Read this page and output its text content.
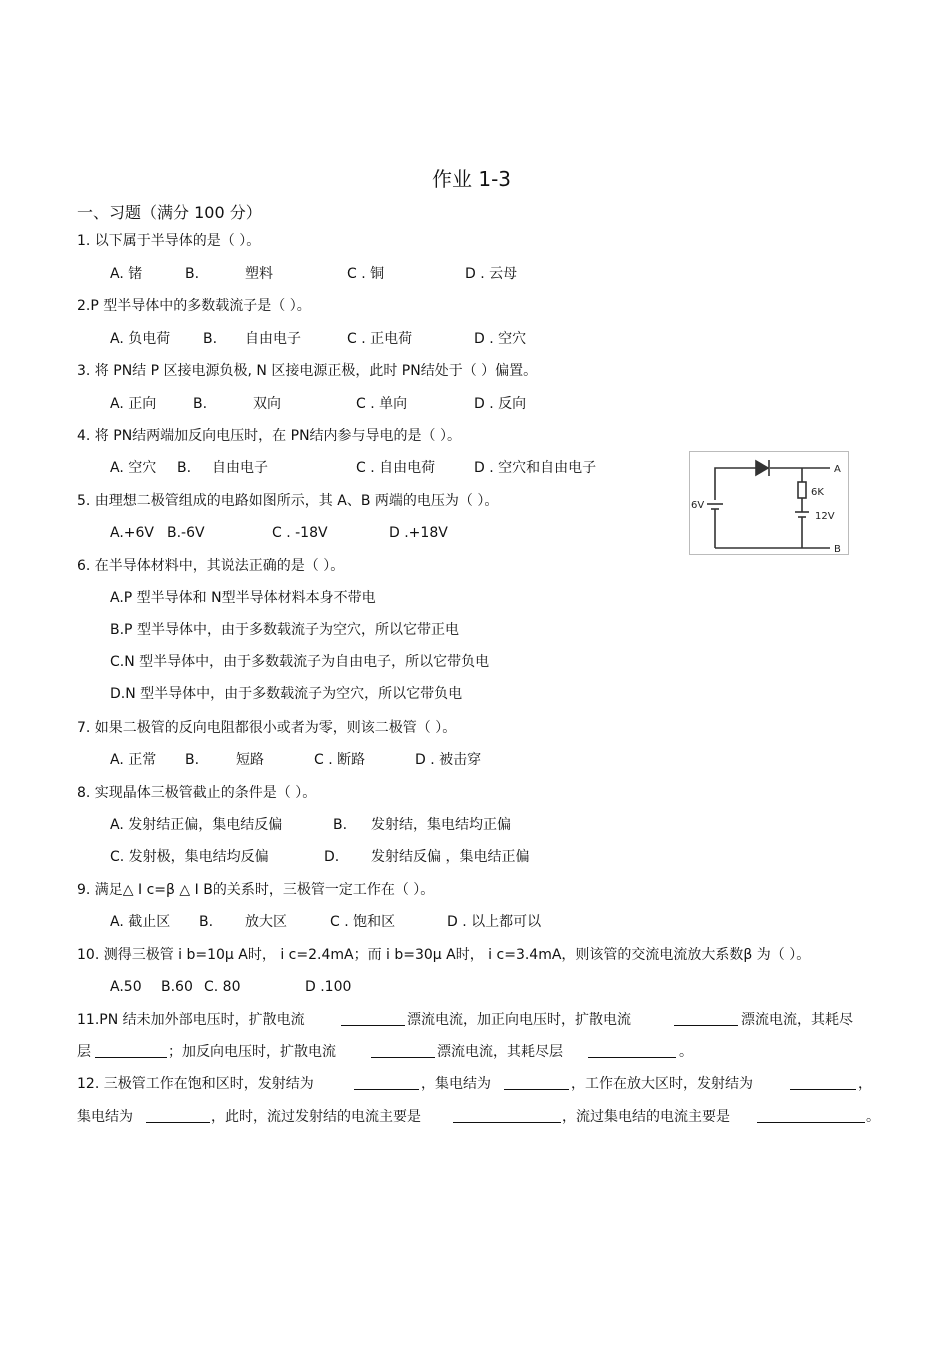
作业 1-3
一、习题（满分 100 分）
1. 以下属于半导体的是（ ）。
A. 锗	B.	塑料	C . 铜	D . 云母
2.P 型半导体中的多数载流子是（ ）。
A. 负电荷 B. 自由电子	C . 正电荷	D . 空穴
3. 将 PN结 P 区接电源负极, N 区接电源正极，此时 PN结处于（ ）偏置。
A. 正向	B.	双向	C . 单向	D . 反向
4. 将 PN结两端加反向电压时，在 PN结内参与导电的是（ ）。
A. 空穴 B. 自由电子	C . 自由电荷	D . 空穴和自由电子
5. 由理想二极管组成的电路如图所示，其 A、B 两端的电压为（ ）。
A.+6V B.-6V	C . -18V	D .+18V
6V
6K
12V
A
B
6. 在半导体材料中，其说法正确的是（ ）。
A.P 型半导体和 N型半导体材料本身不带电
B.P 型半导体中，由于多数载流子为空穴，所以它带正电
C.N 型半导体中，由于多数载流子为自由电子，所以它带负电
D.N 型半导体中，由于多数载流子为空穴，所以它带负电
7. 如果二极管的反向电阻都很小或者为零，则该二极管（ ）。
A. 正常 B.	短路	C . 断路	D . 被击穿
8. 实现晶体三极管截止的条件是（ ）。
A. 发射结正偏，集电结反偏	B. 发射结，集电结均正偏
C. 发射极，集电结均反偏	D. 发射结反偏 ，集电结正偏
9. 满足△ I c=β △ I B的关系时，三极管一定工作在（ ）。
A. 截止区 B. 放大区	C . 饱和区	D . 以上都可以
10. 测得三极管 i b=10μ A时， i c=2.4mA；而 i b=30μ A时， i c=3.4mA，则该管的交流电流放大系数β 为（ ）。
A.50 B.60 C. 80	D .100
11.PN 结未加外部电压时，扩散电流	漂流电流，加正向电压时，扩散电流	漂流电流，其耗尽
层	；加反向电压时，扩散电流	漂流电流，其耗尽层	。
12. 三极管工作在饱和区时，发射结为	，集电结为	，工作在放大区时，发射结为	，
集电结为	，此时，流过发射结的电流主要是	，流过集电结的电流主要是	。
